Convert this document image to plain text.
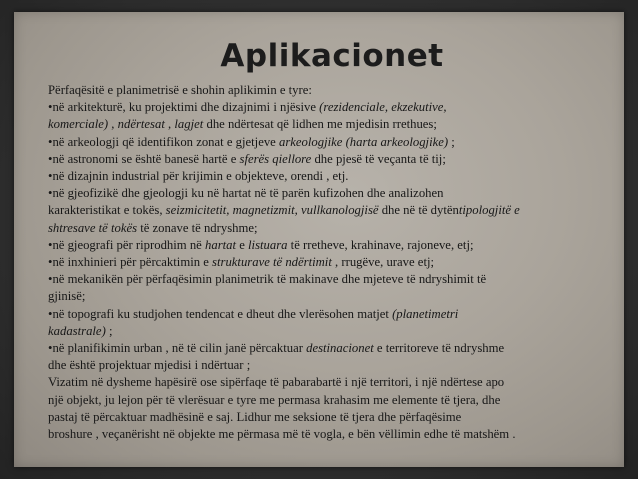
Aplikacionet
Përfaqësitë e planimetrisë e shohin aplikimin e tyre:
•në arkitekturë, ku projektimi dhe dizajnimi i njësive (rezidenciale, ekzekutive,
komerciale) , ndërtesat , lagjet dhe ndërtesat që lidhen me mjedisin rrethues;
•në arkeologji që identifikon zonat e gjetjeve arkeologjike (harta arkeologjike) ;
•në astronomi se është banesë hartë e sferës qiellore dhe pjesë të veçanta të tij;
•në dizajnin industrial për krijimin e objekteve, orendi , etj.
•në gjeofizikë dhe gjeologji ku në hartat në të parën kufizohen dhe analizohen
karakteristikat e tokës, seizmicitetit, magnetizmit, vullkanologjisë dhe në të dytëntipologjitë e
shtresave të tokës të zonave të ndryshme;
•në gjeografi për riprodhim në hartat e listuara të rretheve, krahinave, rajoneve, etj;
•në inxhinieri për përcaktimin e strukturave të ndërtimit , rrugëve, urave etj;
•në mekanikën për përfaqësimin planimetrik të makinave dhe mjeteve të ndryshimit të
gjinisë;
•në topografi ku studjohen tendencat e dheut dhe vlerësohen matjet (planetimetri
kadastrale) ;
•në planifikimin urban , në të cilin janë përcaktuar destinacionet e territoreve të ndryshme
dhe është projektuar mjedisi i ndërtuar ;
Vizatim në dysheme hapësirë ose sipërfaqe të pabarabartë i një territori, i një ndërtese apo
një objekt, ju lejon për të vlerësuar e tyre me permasa krahasim me elemente të tjera, dhe
pastaj të përcaktuar madhësinë e saj. Lidhur me seksione të tjera dhe përfaqësime
broshure , veçanërisht në objekte me përmasa më të vogla, e bën vëllimin edhe të matshëm .
